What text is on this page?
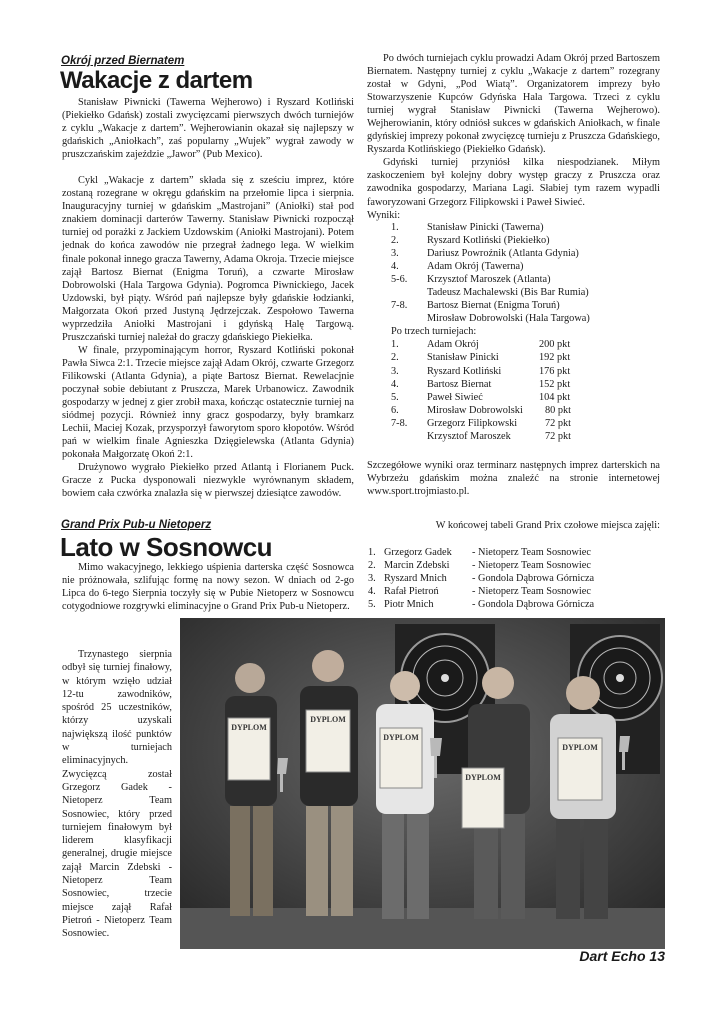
Okrój przed Biernatem
Wakacje z dartem

Stanisław Piwnicki (Tawerna Wejherowo) i Ryszard Kotliński (Piekiełko Gdańsk) zostali zwycięzcami pierwszych dwóch turniejów z cyklu „Wakacje z dartem”. Wejherowianin okazał się najlepszy w gdańskich „Aniołkach”, zaś popularny „Wujek” wygrał zawody w pruszczańskim zajeździe „Jawor” (Pub Mexico).

Cykl „Wakacje z dartem” składa się z sześciu imprez, które zostaną rozegrane w okręgu gdańskim na przełomie lipca i sierpnia. Inauguracyjny turniej w gdańskim „Mastrojani” (Aniołki) stał pod znakiem dominacji darterów Tawerny. Stanisław Piwnicki rozpoczął turniej od porażki z Jackiem Uzdowskim (Aniołki Mastrojani). Potem jednak do końca zawodów nie przegrał żadnego lega. W wielkim finale pokonał innego gracza Tawerny, Adama Okroja. Trzecie miejsce zajął Bartosz Biernat (Enigma Toruń), a czwarte Mirosław Dobrowolski (Hala Targowa Gdynia). Pogromca Piwnickiego, Jacek Uzdowski, był piąty. Wśród pań najlepsze były gdańskie łodzianki, Małgorzata Okoń przed Justyną Jędrzejczak. Zespołowo Tawerna wyprzedziła Aniołki Mastrojani i gdyńską Halę Targową. Pruszczański turniej należał do graczy gdańskiego Piekiełka.

W finale, przypominającym horror, Ryszard Kotliński pokonał Pawła Siwca 2:1. Trzecie miejsce zajął Adam Okrój, czwarte Grzegorz Filikowski (Atlanta Gdynia), a piąte Bartosz Biernat. Rewelacjnie poczynał sobie debiutant z Pruszcza, Marek Urbanowicz. Zawodnik gospodarzy w jednej z gier zrobił maxa, kończąc ostatecznie turniej na siódmej pozycji. Również inny gracz gospodarzy, były bramkarz Lechii, Maciej Kozak, przysporzył faworytom sporo kłopotów. Wśród pań w wielkim finale Agnieszka Dzięgielewska (Atlanta Gdynia) pokonała Małgorzatę Okoń 2:1.

Drużynowo wygrało Piekiełko przed Atlantą i Florianem Puck. Gracze z Pucka dysponowali niezwykle wyrównanym składem, bowiem cała czwórka znalazła się w pierwszej dziesiątce zawodów.

Po dwóch turniejach cyklu prowadzi Adam Okrój przed Bartoszem Biernatem. Następny turniej z cyklu „Wakacje z dartem” rozegrany został w Gdyni, „Pod Wiatą”. Organizatorem imprezy było Stowarzyszenie Kupców Gdyńska Hala Targowa. Trzeci z cyklu turniej wygrał Stanisław Piwnicki (Tawerna Wejherowo). Wejherowianin, który odniósł sukces w gdańskich Aniołkach, w finale gdyńskiej imprezy pokonał zwycięzcę turnieju z Pruszcza Gdańskiego, Ryszarda Kotlińskiego (Piekiełko Gdańsk).

Gdyński turniej przyniósł kilka niespodzianek. Miłym zaskoczeniem był kolejny dobry występ graczy z Pruszcza oraz zawodnika gospodarzy, Mariana Lagi. Słabiej tym razem wypadli faworyzowani Grzegorz Filipkowski i Paweł Siwieć.

Wyniki:

1.	Stanisław Pinicki (Tawerna)
2.	Ryszard Kotliński (Piekiełko)
3.	Dariusz Powroźnik (Atlanta Gdynia)
4.	Adam Okrój (Tawerna)
5-6. Krzysztof Maroszek (Atlanta)
Tadeusz Machalewski (Bis Bar Rumia)
7-8. Bartosz Biernat (Enigma Toruń)
Mirosław Dobrowolski (Hala Targowa)
Po trzech turniejach:
1.	Adam Okrój	200 pkt
2.	Stanisław Pinicki	192 pkt
3.	Ryszard Kotliński	176 pkt
4.	Bartosz Biernat	152 pkt
5.	Paweł Siwieć	104 pkt
6.	Mirosław Dobrowolski 80 pkt
7-8. Grzegorz Filipkowski	72 pkt
Krzysztof Maroszek	72 pkt

Szczegółowe wyniki oraz terminarz następnych imprez darterskich na Wybrzeżu gdańskim można znaleźć na stronie internetowej www.sport.trojmiasto.pl.

Grand Prix Pub-u Nietoperz
Lato w Sosnowcu

Mimo wakacyjnego, lekkiego uśpienia darterska część Sosnowca nie próżnowała, szlifując formę na nowy sezon. W dniach od 2-go Lipca do 6-tego Sierpnia toczyły się w Pubie Nietoperz w Sosnowcu cotygodniowe rozgrywki eliminacyjne o Grand Prix Pub-u Nietoperz.

Trzynastego sierpnia odbył się turniej finałowy, w którym wzięło udział 12-tu zawodników, spośród 25 uczestników, którzy uzyskali największą ilość punktów w turniejach eliminacyjnych. Zwycięzcą został Grzegorz Gadek - Nietoperz Team Sosnowiec, który przed turniejem finałowym był liderem klasyfikacji generalnej, drugie miejsce zajął Marcin Zdebski - Nietoperz Team Sosnowiec, trzecie miejsce zajął Rafał Pietroń - Nietoperz Team Sosnowiec.

W końcowej tabeli Grand Prix czołowe miejsca zajęli:

1. Grzegorz Gadek - Nietoperz Team Sosnowiec
2. Marcin Zdebski - Nietoperz Team Sosnowiec
3. Ryszard Mnich - Gondola Dąbrowa Górnicza
4. Rafał Pietroń	- Nietoperz Team Sosnowiec
5. Piotr Mnich	- Gondola Dąbrowa Górnicza
DYPLOM
DYPLOM
DYPLOM
DYPLOM
DYPLOM
Dart Echo 13
